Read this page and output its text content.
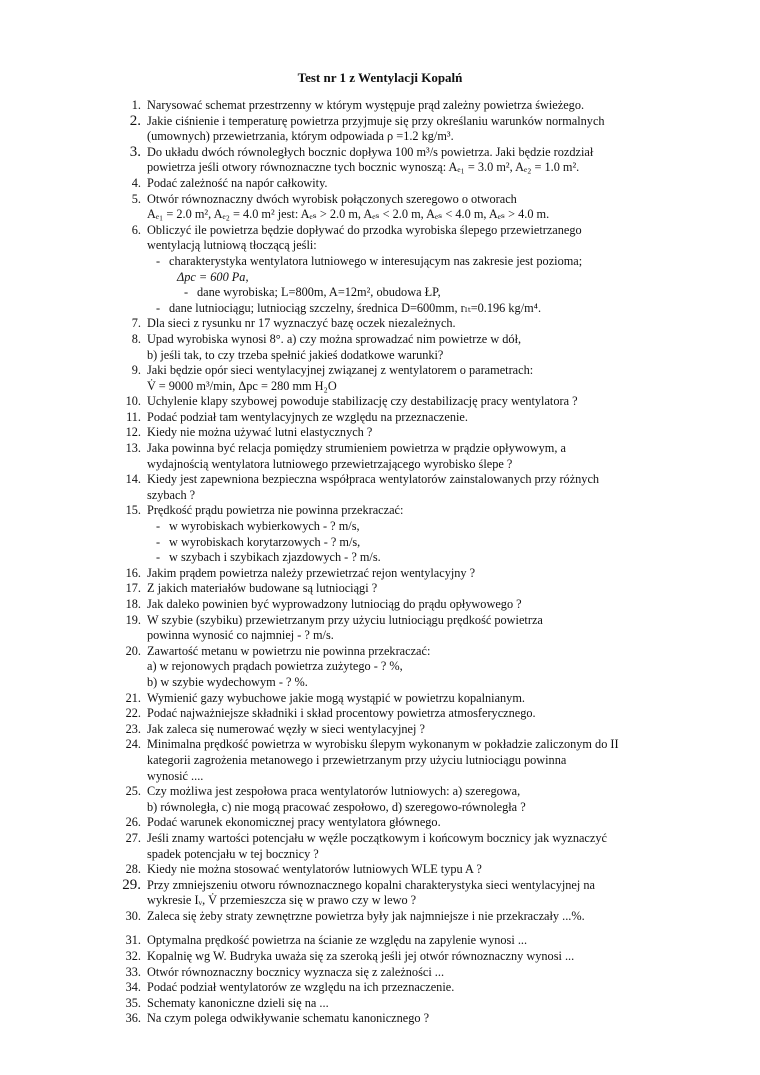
Test nr 1 z Wentylacji Kopalń
1. Narysować schemat przestrzenny w którym występuje prąd zależny powietrza świeżego.
2. Jakie ciśnienie i temperaturę powietrza przyjmuje się przy określaniu warunków normalnych
(umownych) przewietrzania, którym odpowiada ρ =1.2 kg/m³.
3. Do układu dwóch równoległych bocznic dopływa 100 m³/s powietrza. Jaki będzie rozdział
powietrza jeśli otwory równoznaczne tych bocznic wynoszą: Aₑ₁ = 3.0 m², Aₑ₂ = 1.0 m².
4. Podać zależność na napór całkowity.
5. Otwór równoznaczny dwóch wyrobisk połączonych szeregowo o otworach
Aₑ₁ = 2.0 m², Aₑ₂ = 4.0 m² jest: Aₑₛ > 2.0 m, Aₑₛ < 2.0 m, Aₑₛ < 4.0 m, Aₑₛ > 4.0 m.
6. Obliczyć ile powietrza będzie dopływać do przodka wyrobiska ślepego przewietrzanego
wentylacją lutniową tłoczącą jeśli:
- charakterystyka wentylatora lutniowego w interesującym nas zakresie jest pozioma;
Δpc = 600 Pa,
- dane wyrobiska; L=800m, A=12m², obudowa ŁP,
- dane lutniociągu; lutniociąg szczelny, średnica D=600mm, rₗₜ=0.196 kg/m⁴.
7. Dla sieci z rysunku nr 17 wyznaczyć bazę oczek niezależnych.
8. Upad wyrobiska wynosi 8°. a) czy można sprowadzać nim powietrze w dół,
b) jeśli tak, to czy trzeba spełnić jakieś dodatkowe warunki?
9. Jaki będzie opór sieci wentylacyjnej związanej z wentylatorem o parametrach:
V̇ = 9000 m³/min, Δpc = 280 mm H₂O
10. Uchylenie klapy szybowej powoduje stabilizację czy destabilizację pracy wentylatora ?
11. Podać podział tam wentylacyjnych ze względu na przeznaczenie.
12. Kiedy nie można używać lutni elastycznych ?
13. Jaka powinna być relacja pomiędzy strumieniem powietrza w prądzie opływowym, a
wydajnością wentylatora lutniowego przewietrzającego wyrobisko ślepe ?
14. Kiedy jest zapewniona bezpieczna współpraca wentylatorów zainstalowanych przy różnych
szybach ?
15. Prędkość prądu powietrza nie powinna przekraczać:
- w wyrobiskach wybierkowych - ? m/s,
- w wyrobiskach korytarzowych - ? m/s,
- w szybach i szybikach zjazdowych - ? m/s.
16. Jakim prądem powietrza należy przewietrzać rejon wentylacyjny ?
17. Z jakich materiałów budowane są lutniociągi ?
18. Jak daleko powinien być wyprowadzony lutniociąg do prądu opływowego ?
19. W szybie (szybiku) przewietrzanym przy użyciu lutniociągu prędkość powietrza
powinna wynosić co najmniej - ? m/s.
20. Zawartość metanu w powietrzu nie powinna przekraczać:
a) w rejonowych prądach powietrza zużytego - ? %,
b) w szybie wydechowym - ? %.
21. Wymienić gazy wybuchowe jakie mogą wystąpić w powietrzu kopalnianym.
22. Podać najważniejsze składniki i skład procentowy powietrza atmosferycznego.
23. Jak zaleca się numerować węzły w sieci wentylacyjnej ?
24. Minimalna prędkość powietrza w wyrobisku ślepym wykonanym w pokładzie zaliczonym do II
kategorii zagrożenia metanowego i przewietrzanym przy użyciu lutniociągu powinna
wynosić ....
25. Czy możliwa jest zespołowa praca wentylatorów lutniowych: a) szeregowa,
b) równoległa, c) nie mogą pracować zespołowo, d) szeregowo-równoległa ?
26. Podać warunek ekonomicznej pracy wentylatora głównego.
27. Jeśli znamy wartości potencjału w węźle początkowym i końcowym bocznicy jak wyznaczyć
spadek potencjału w tej bocznicy ?
28. Kiedy nie można stosować wentylatorów lutniowych WLE typu A ?
29. Przy zmniejszeniu otworu równoznacznego kopalni charakterystyka sieci wentylacyjnej na
wykresie Iᵥ, V̇ przemieszcza się w prawo czy w lewo ?
30. Zaleca się żeby straty zewnętrzne powietrza były jak najmniejsze i nie przekraczały ...%.
31. Optymalna prędkość powietrza na ścianie ze względu na zapylenie wynosi ...
32. Kopalnię wg W. Budryka uważa się za szeroką jeśli jej otwór równoznaczny wynosi ...
33. Otwór równoznaczny bocznicy wyznacza się z zależności ...
34. Podać podział wentylatorów ze względu na ich przeznaczenie.
35. Schematy kanoniczne dzieli się na ...
36. Na czym polega odwikływanie schematu kanonicznego ?
